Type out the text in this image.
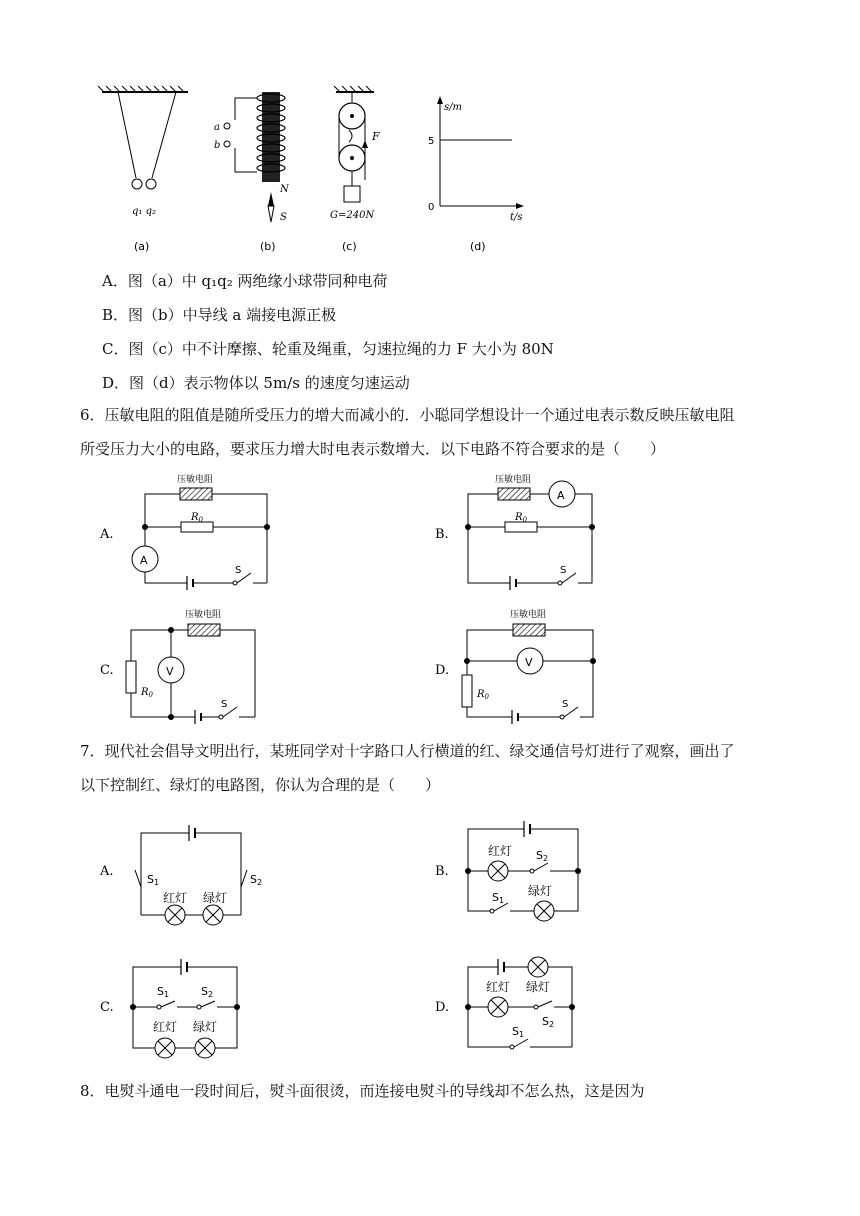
q₁ q₂
(a)
a
b
N
S
(b)
F
G=240N
(c)
s/m
t/s
5
0
(d)
A．图（a）中 q₁q₂ 两绝缘小球带同种电荷
B．图（b）中导线 a 端接电源正极
C．图（c）中不计摩擦、轮重及绳重，匀速拉绳的力 F 大小为 80N
D．图（d）表示物体以 5m/s 的速度匀速运动
6．压敏电阻的阻值是随所受压力的增大而减小的．小聪同学想设计一个通过电表示数反映压敏电阻
所受压力大小的电路，要求压力增大时电表示数增大．以下电路不符合要求的是（　　）
A.
压敏电阻
$R_0$
A
S
B.
压敏电阻
A
$R_0$
S
C.
压敏电阻
V
$R_0$
S
D.
压敏电阻
V
$R_0$
S
7．现代社会倡导文明出行，某班同学对十字路口人行横道的红、绿交通信号灯进行了观察，画出了
以下控制红、绿灯的电路图，你认为合理的是（　　）
A.
S1	S2
红灯 绿灯
B.
红灯 S2
S1
绿灯
C.
S1	S2
红灯 绿灯
D.
红灯 绿灯
S2
S1
8．电熨斗通电一段时间后，熨斗面很烫，而连接电熨斗的导线却不怎么热，这是因为
